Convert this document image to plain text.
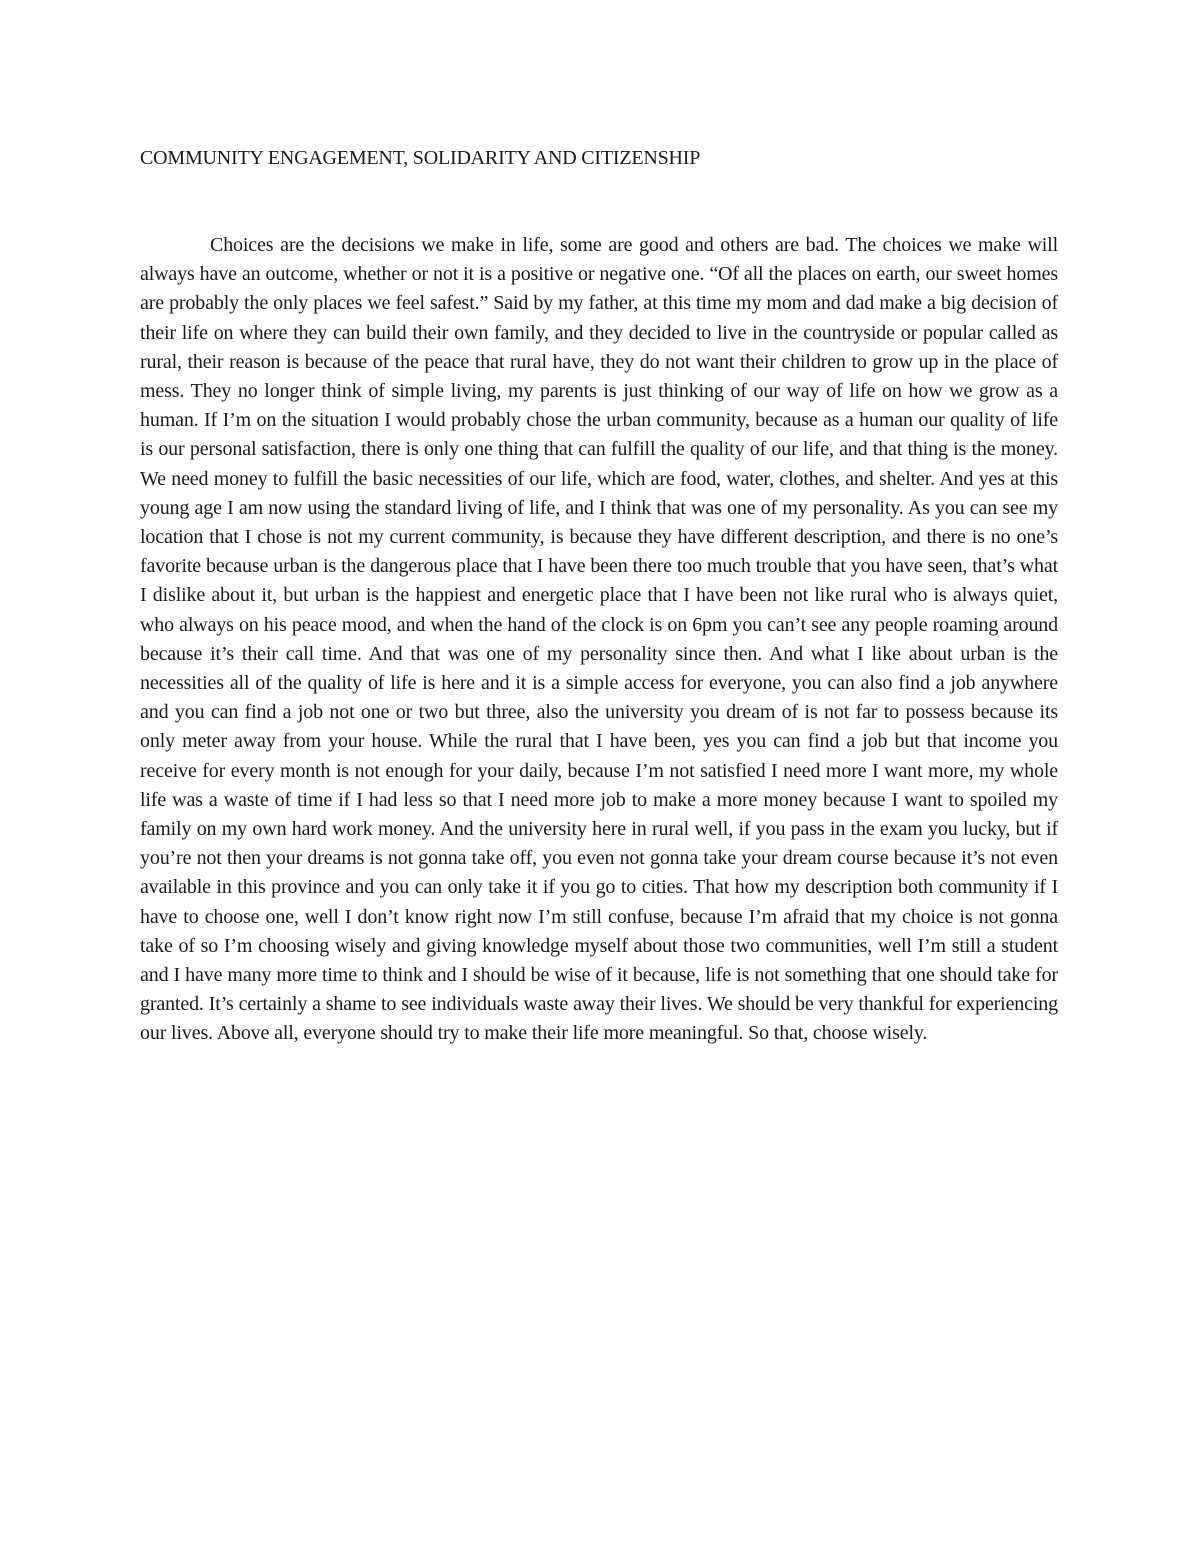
COMMUNITY ENGAGEMENT, SOLIDARITY AND CITIZENSHIP

Choices are the decisions we make in life, some are good and others are bad. The choices we make will always have an outcome, whether or not it is a positive or negative one. “Of all the places on earth, our sweet homes are probably the only places we feel safest.” Said by my father, at this time my mom and dad make a big decision of their life on where they can build their own family, and they decided to live in the countryside or popular called as rural, their reason is because of the peace that rural have, they do not want their children to grow up in the place of mess. They no longer think of simple living, my parents is just thinking of our way of life on how we grow as a human. If I’m on the situation I would probably chose the urban community, because as a human our quality of life is our personal satisfaction, there is only one thing that can fulfill the quality of our life, and that thing is the money. We need money to fulfill the basic necessities of our life, which are food, water, clothes, and shelter. And yes at this young age I am now using the standard living of life, and I think that was one of my personality. As you can see my location that I chose is not my current community, is because they have different description, and there is no one’s favorite because urban is the dangerous place that I have been there too much trouble that you have seen, that’s what I dislike about it, but urban is the happiest and energetic place that I have been not like rural who is always quiet, who always on his peace mood, and when the hand of the clock is on 6pm you can’t see any people roaming around because it’s their call time. And that was one of my personality since then. And what I like about urban is the necessities all of the quality of life is here and it is a simple access for everyone, you can also find a job anywhere and you can find a job not one or two but three, also the university you dream of is not far to possess because its only meter away from your house. While the rural that I have been, yes you can find a job but that income you receive for every month is not enough for your daily, because I’m not satisfied I need more I want more, my whole life was a waste of time if I had less so that I need more job to make a more money because I want to spoiled my family on my own hard work money. And the university here in rural well, if you pass in the exam you lucky, but if you’re not then your dreams is not gonna take off, you even not gonna take your dream course because it’s not even available in this province and you can only take it if you go to cities. That how my description both community if I have to choose one, well I don’t know right now I’m still confuse, because I’m afraid that my choice is not gonna take of so I’m choosing wisely and giving knowledge myself about those two communities, well I’m still a student and I have many more time to think and I should be wise of it because, life is not something that one should take for granted. It’s certainly a shame to see individuals waste away their lives. We should be very thankful for experiencing our lives. Above all, everyone should try to make their life more meaningful. So that, choose wisely.
